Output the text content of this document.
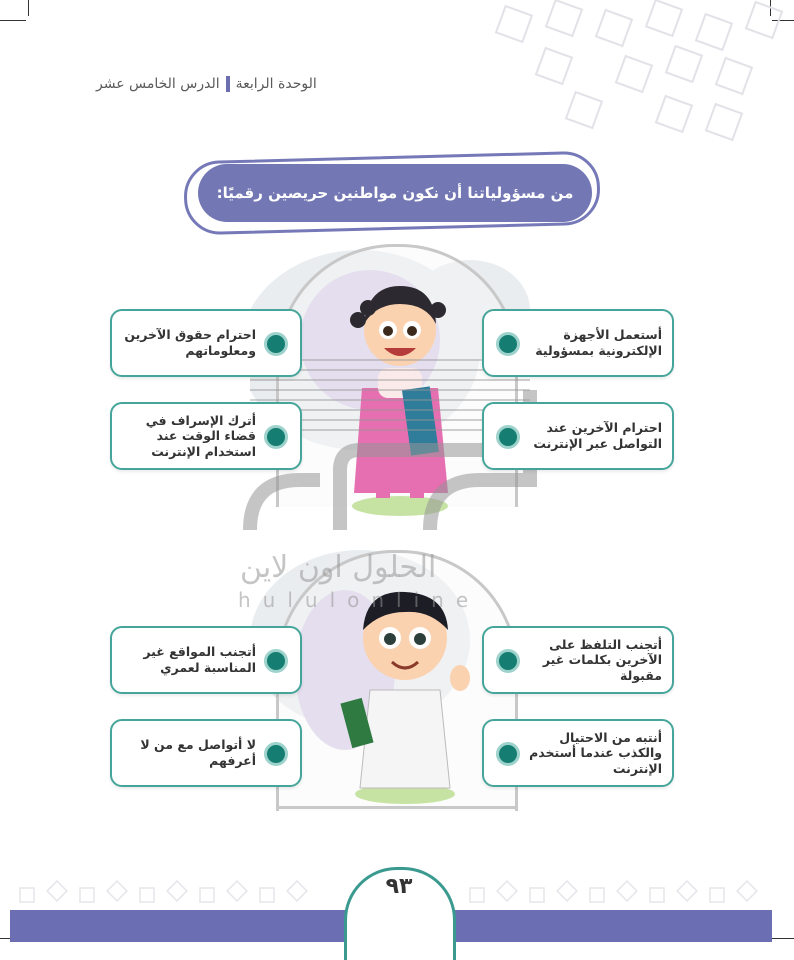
الوحدة الرابعة
الدرس الخامس عشر
من مسؤولياتنا أن نكون مواطنين حريصين رقميًا:
الحلول اون لاين
hululonline
أستعمل الأجهزة الإلكترونية بمسؤولية
احترام الآخرين عند التواصل عبر الإنترنت
احترام حقوق الآخرين ومعلوماتهم
أترك الإسراف في قضاء الوقت عند استخدام الإنترنت
أتجنب التلفظ على الآخرين بكلمات غير مقبولة
أنتبه من الاحتيال والكذب عندما أستخدم الإنترنت
أتجنب المواقع غير المناسبة لعمري
لا أتواصل مع من لا أعرفهم
٩٣
